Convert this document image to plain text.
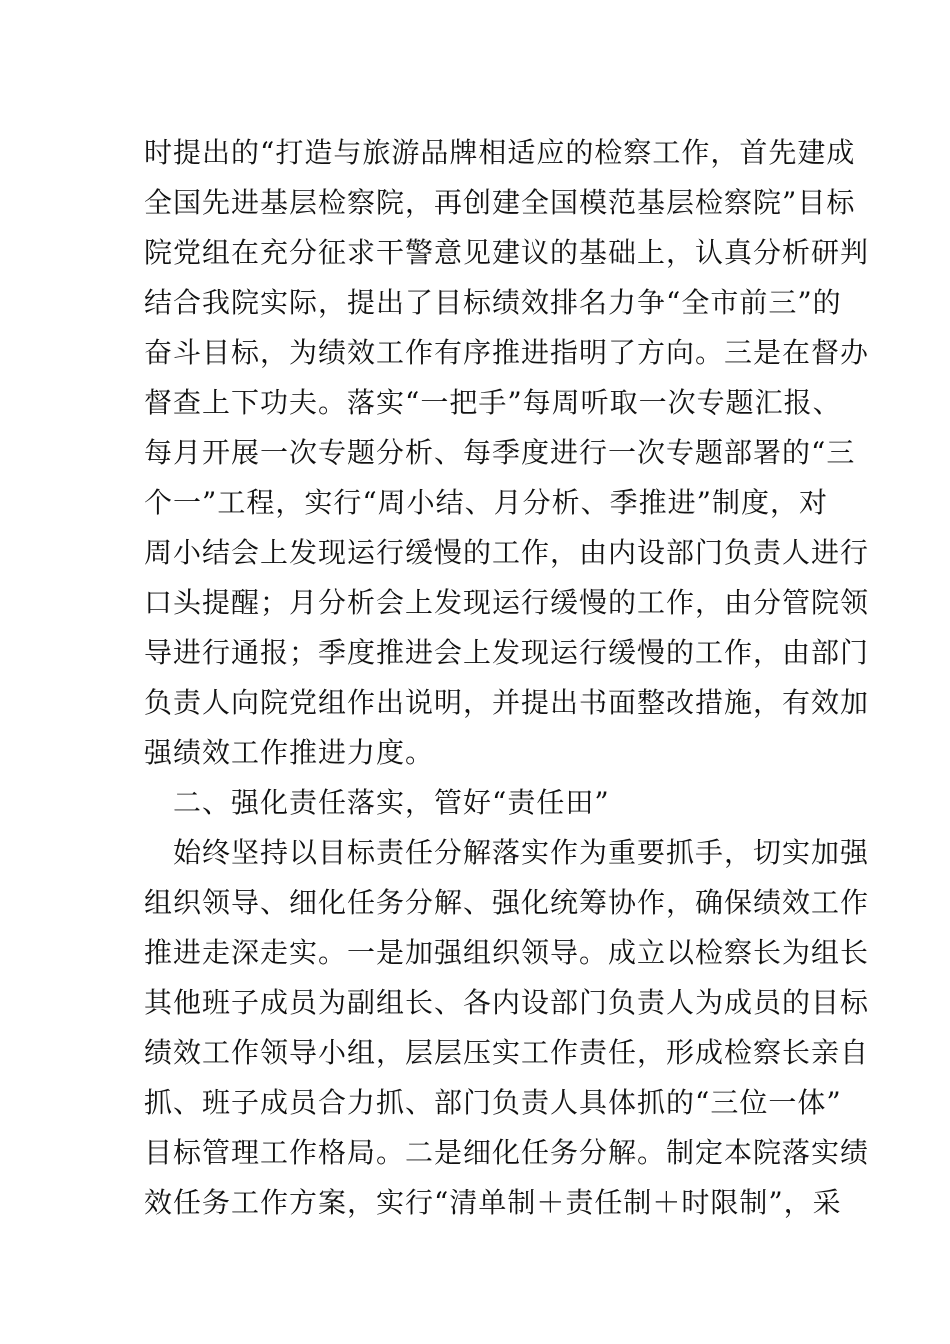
时提出的“打造与旅游品牌相适应的检察工作，首先建成
全国先进基层检察院，再创建全国模范基层检察院”目标
院党组在充分征求干警意见建议的基础上，认真分析研判
结合我院实际，提出了目标绩效排名力争“全市前三”的
奋斗目标，为绩效工作有序推进指明了方向。三是在督办
督查上下功夫。落实“一把手”每周听取一次专题汇报、
每月开展一次专题分析、每季度进行一次专题部署的“三
个一”工程，实行“周小结、月分析、季推进”制度，对
周小结会上发现运行缓慢的工作，由内设部门负责人进行
口头提醒；月分析会上发现运行缓慢的工作，由分管院领
导进行通报；季度推进会上发现运行缓慢的工作，由部门
负责人向院党组作出说明，并提出书面整改措施，有效加
强绩效工作推进力度。
　二、强化责任落实，管好“责任田”
　始终坚持以目标责任分解落实作为重要抓手，切实加强
组织领导、细化任务分解、强化统筹协作，确保绩效工作
推进走深走实。一是加强组织领导。成立以检察长为组长
其他班子成员为副组长、各内设部门负责人为成员的目标
绩效工作领导小组，层层压实工作责任，形成检察长亲自
抓、班子成员合力抓、部门负责人具体抓的“三位一体”
目标管理工作格局。二是细化任务分解。制定本院落实绩
效任务工作方案，实行“清单制＋责任制＋时限制”，采
